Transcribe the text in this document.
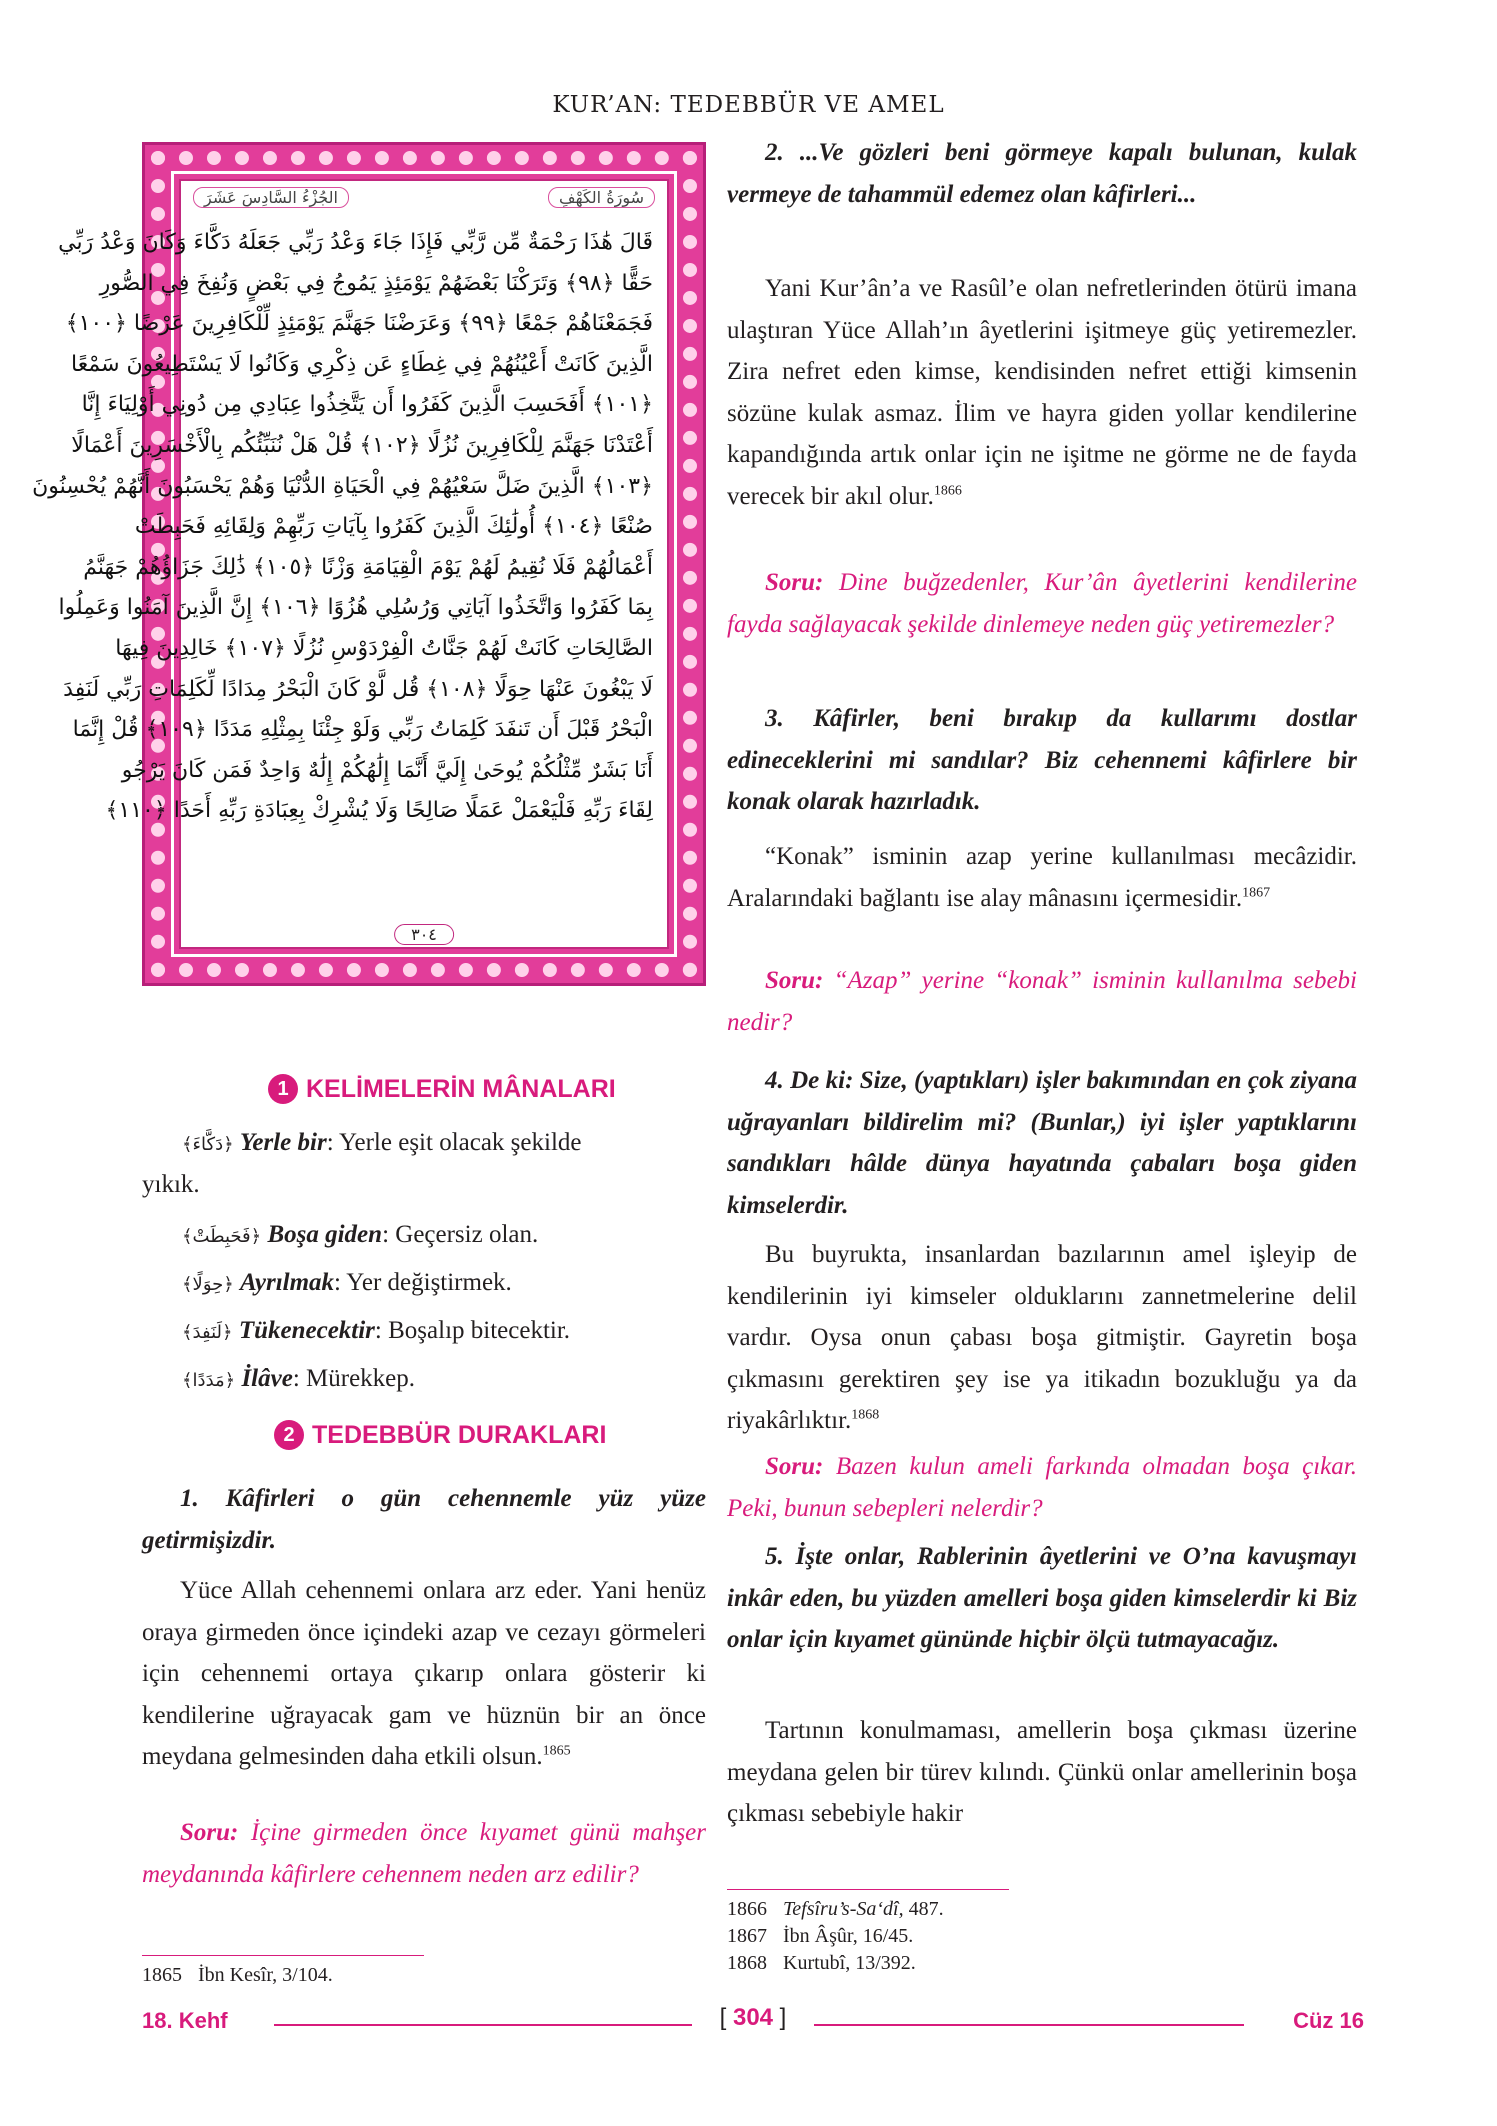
KUR’AN: TEDEBBÜR VE AMEL
سُورَةُ الكَهْفِ
الجُزْءُ السَّادِسَ عَشَرَ
قَالَ هَٰذَا رَحْمَةٌ مِّن رَّبِّي فَإِذَا جَاءَ وَعْدُ رَبِّي جَعَلَهُ دَكَّاءَ وَكَانَ وَعْدُ رَبِّي
حَقًّا ﴿٩٨﴾ وَتَرَكْنَا بَعْضَهُمْ يَوْمَئِذٍ يَمُوجُ فِي بَعْضٍ وَنُفِخَ فِي الصُّورِ
فَجَمَعْنَاهُمْ جَمْعًا ﴿٩٩﴾ وَعَرَضْنَا جَهَنَّمَ يَوْمَئِذٍ لِّلْكَافِرِينَ عَرْضًا ﴿١٠٠﴾
الَّذِينَ كَانَتْ أَعْيُنُهُمْ فِي غِطَاءٍ عَن ذِكْرِي وَكَانُوا لَا يَسْتَطِيعُونَ سَمْعًا
﴿١٠١﴾ أَفَحَسِبَ الَّذِينَ كَفَرُوا أَن يَتَّخِذُوا عِبَادِي مِن دُونِي أَوْلِيَاءَ إِنَّا
أَعْتَدْنَا جَهَنَّمَ لِلْكَافِرِينَ نُزُلًا ﴿١٠٢﴾ قُلْ هَلْ نُنَبِّئُكُم بِالْأَخْسَرِينَ أَعْمَالًا
﴿١٠٣﴾ الَّذِينَ ضَلَّ سَعْيُهُمْ فِي الْحَيَاةِ الدُّنْيَا وَهُمْ يَحْسَبُونَ أَنَّهُمْ يُحْسِنُونَ
صُنْعًا ﴿١٠٤﴾ أُولَٰئِكَ الَّذِينَ كَفَرُوا بِآيَاتِ رَبِّهِمْ وَلِقَائِهِ فَحَبِطَتْ
أَعْمَالُهُمْ فَلَا نُقِيمُ لَهُمْ يَوْمَ الْقِيَامَةِ وَزْنًا ﴿١٠٥﴾ ذَٰلِكَ جَزَاؤُهُمْ جَهَنَّمُ
بِمَا كَفَرُوا وَاتَّخَذُوا آيَاتِي وَرُسُلِي هُزُوًا ﴿١٠٦﴾ إِنَّ الَّذِينَ آمَنُوا وَعَمِلُوا
الصَّالِحَاتِ كَانَتْ لَهُمْ جَنَّاتُ الْفِرْدَوْسِ نُزُلًا ﴿١٠٧﴾ خَالِدِينَ فِيهَا
لَا يَبْغُونَ عَنْهَا حِوَلًا ﴿١٠٨﴾ قُل لَّوْ كَانَ الْبَحْرُ مِدَادًا لِّكَلِمَاتِ رَبِّي لَنَفِدَ
الْبَحْرُ قَبْلَ أَن تَنفَدَ كَلِمَاتُ رَبِّي وَلَوْ جِئْنَا بِمِثْلِهِ مَدَدًا ﴿١٠٩﴾ قُلْ إِنَّمَا
أَنَا بَشَرٌ مِّثْلُكُمْ يُوحَىٰ إِلَيَّ أَنَّمَا إِلَٰهُكُمْ إِلَٰهٌ وَاحِدٌ فَمَن كَانَ يَرْجُو
لِقَاءَ رَبِّهِ فَلْيَعْمَلْ عَمَلًا صَالِحًا وَلَا يُشْرِكْ بِعِبَادَةِ رَبِّهِ أَحَدًا ﴿١١٠﴾
٣٠٤
1 KELİMELERİN MÂNALARI
﴿دَكَّاءَ﴾ Yerle bir: Yerle eşit olacak şekilde
yıkık.
﴿فَحَبِطَتْ﴾ Boşa giden: Geçersiz olan.
﴿حِوَلًا﴾ Ayrılmak: Yer değiştirmek.
﴿لَنَفِدَ﴾ Tükenecektir: Boşalıp bitecektir.
﴿مَدَدًا﴾ İlâve: Mürekkep.
2 TEDEBBÜR DURAKLARI

1. Kâfirleri o gün cehennemle yüz yüze getirmişizdir.

Yüce Allah cehennemi onlara arz eder. Yani henüz oraya girmeden önce içindeki azap ve cezayı görmeleri için cehennemi ortaya çıkarıp onlara gösterir ki kendilerine uğrayacak gam ve hüznün bir an önce meydana gelmesinden daha etkili olsun.$^{1865}$

Soru: İçine girmeden önce kıyamet günü mahşer meydanında kâfirlere cehennem neden arz edilir?

1865 İbn Kesîr, 3/104.

2. ...Ve gözleri beni görmeye kapalı bulunan, kulak vermeye de tahammül edemez olan kâfirleri...

Yani Kur’ân’a ve Rasûl’e olan nefretlerinden ötürü imana ulaştıran Yüce Allah’ın âyetlerini işitmeye güç yetiremezler. Zira nefret eden kimse, kendisinden nefret ettiği kimsenin sözüne kulak asmaz. İlim ve hayra giden yollar kendilerine kapandığında artık onlar için ne işitme ne görme ne de fayda verecek bir akıl olur.$^{1866}$

Soru: Dine buğzedenler, Kur’ân âyetlerini kendilerine fayda sağlayacak şekilde dinlemeye neden güç yetiremezler?

3. Kâfirler, beni bırakıp da kullarımı dostlar edineceklerini mi sandılar? Biz cehennemi kâfirlere bir konak olarak hazırladık.

“Konak” isminin azap yerine kullanılması mecâzidir. Aralarındaki bağlantı ise alay mânasını içermesidir.$^{1867}$

Soru: “Azap” yerine “konak” isminin kullanılma sebebi nedir?

4. De ki: Size, (yaptıkları) işler bakımından en çok ziyana uğrayanları bildirelim mi? (Bunlar,) iyi işler yaptıklarını sandıkları hâlde dünya hayatında çabaları boşa giden kimselerdir.

Bu buyrukta, insanlardan bazılarının amel işleyip de kendilerinin iyi kimseler olduklarını zannetmelerine delil vardır. Oysa onun çabası boşa gitmiştir. Gayretin boşa çıkmasını gerektiren şey ise ya itikadın bozukluğu ya da riyakârlıktır.$^{1868}$

Soru: Bazen kulun ameli farkında olmadan boşa çıkar. Peki, bunun sebepleri nelerdir?

5. İşte onlar, Rablerinin âyetlerini ve O’na kavuşmayı inkâr eden, bu yüzden amelleri boşa giden kimselerdir ki Biz onlar için kıyamet gününde hiçbir ölçü tutmayacağız.

Tartının konulmaması, amellerin boşa çıkması üzerine meydana gelen bir türev kılındı. Çünkü onlar amellerinin boşa çıkması sebebiyle hakir

1866 Tefsîru’s-Sa‘dî, 487.
1867 İbn Âşûr, 16/45.
1868 Kurtubî, 13/392.
18. Kehf	[ 304 ]	Cüz 16
